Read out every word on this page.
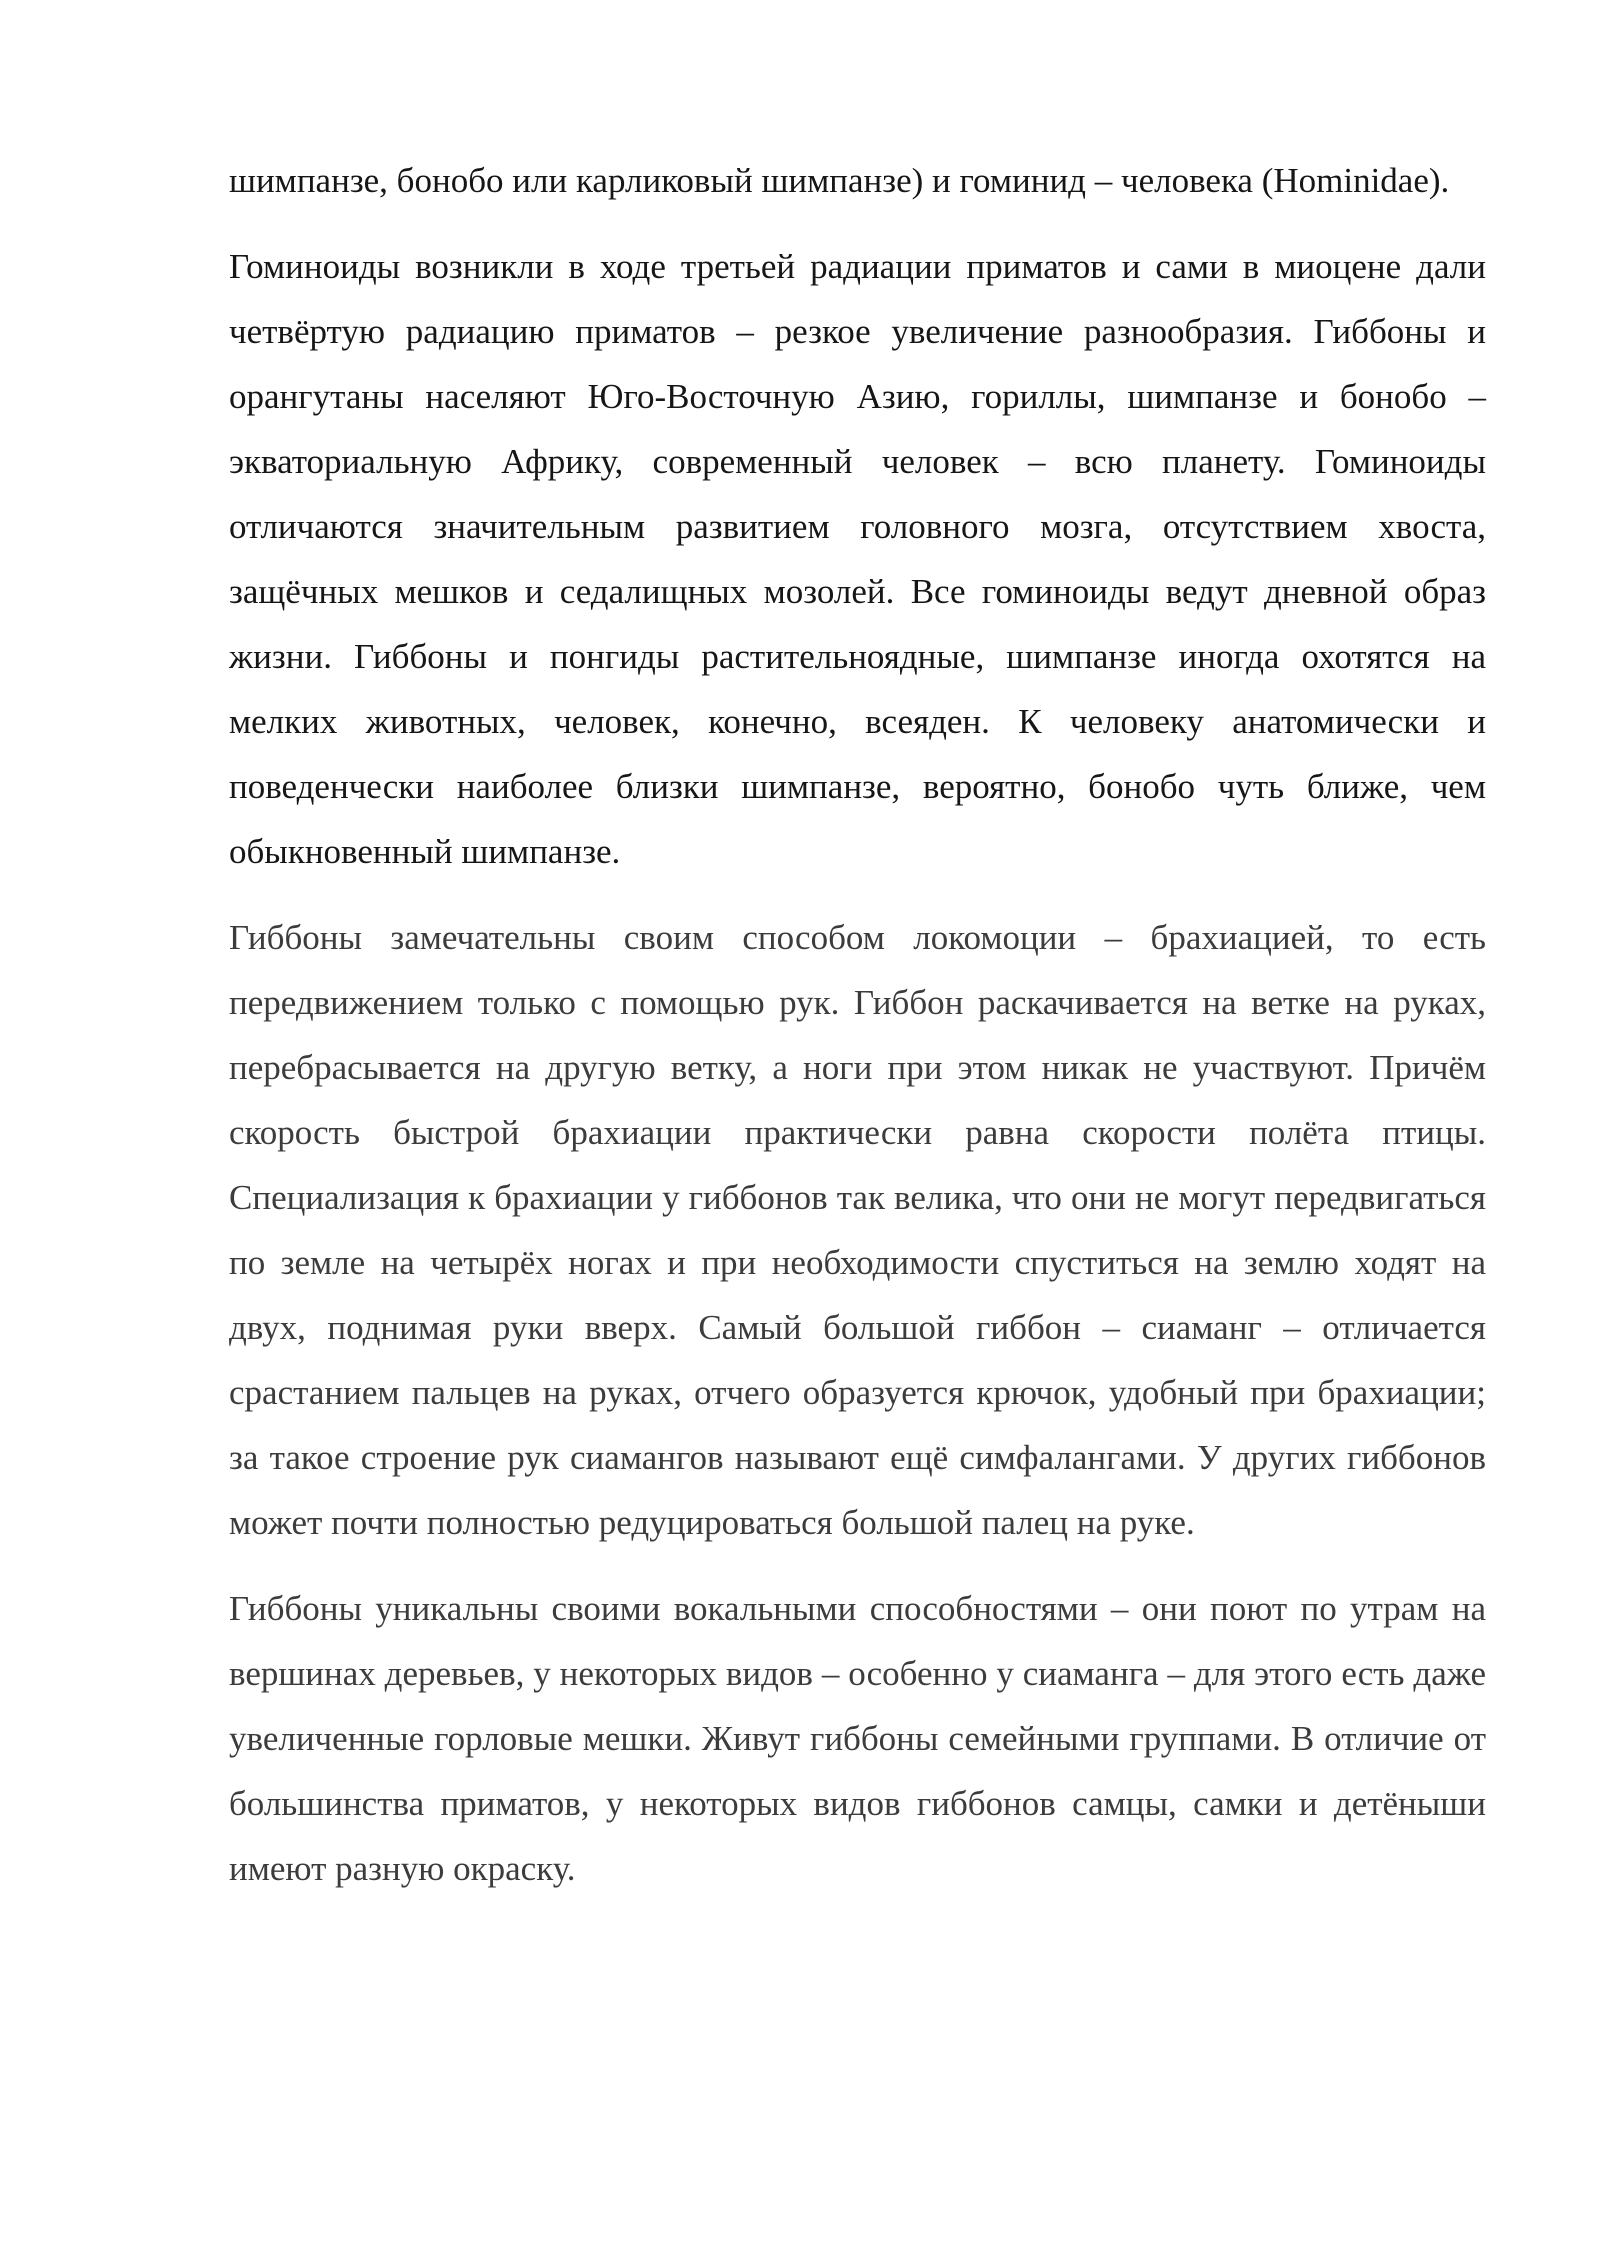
шимпанзе, бонобо или карликовый шимпанзе) и гоминид – человека (Hominidae).

Гоминоиды возникли в ходе третьей радиации приматов и сами в миоцене дали четвёртую радиацию приматов – резкое увеличение разнообразия. Гиббоны и орангутаны населяют Юго-Восточную Азию, гориллы, шимпанзе и бонобо – экваториальную Африку, современный человек – всю планету. Гоминоиды отличаются значительным развитием головного мозга, отсутствием хвоста, защёчных мешков и седалищных мозолей. Все гоминоиды ведут дневной образ жизни. Гиббоны и понгиды растительноядные, шимпанзе иногда охотятся на мелких животных, человек, конечно, всеяден. К человеку анатомически и поведенчески наиболее близки шимпанзе, вероятно, бонобо чуть ближе, чем обыкновенный шимпанзе.

Гиббоны замечательны своим способом локомоции – брахиацией, то есть передвижением только с помощью рук. Гиббон раскачивается на ветке на руках, перебрасывается на другую ветку, а ноги при этом никак не участвуют. Причём скорость быстрой брахиации практически равна скорости полёта птицы. Специализация к брахиации у гиббонов так велика, что они не могут передвигаться по земле на четырёх ногах и при необходимости спуститься на землю ходят на двух, поднимая руки вверх. Самый большой гиббон – сиаманг – отличается срастанием пальцев на руках, отчего образуется крючок, удобный при брахиации; за такое строение рук сиамангов называют ещё симфалангами. У других гиббонов может почти полностью редуцироваться большой палец на руке.

Гиббоны уникальны своими вокальными способностями – они поют по утрам на вершинах деревьев, у некоторых видов – особенно у сиаманга – для этого есть даже увеличенные горловые мешки. Живут гиббоны семейными группами. В отличие от большинства приматов, у некоторых видов гиббонов самцы, самки и детёныши имеют разную окраску.
